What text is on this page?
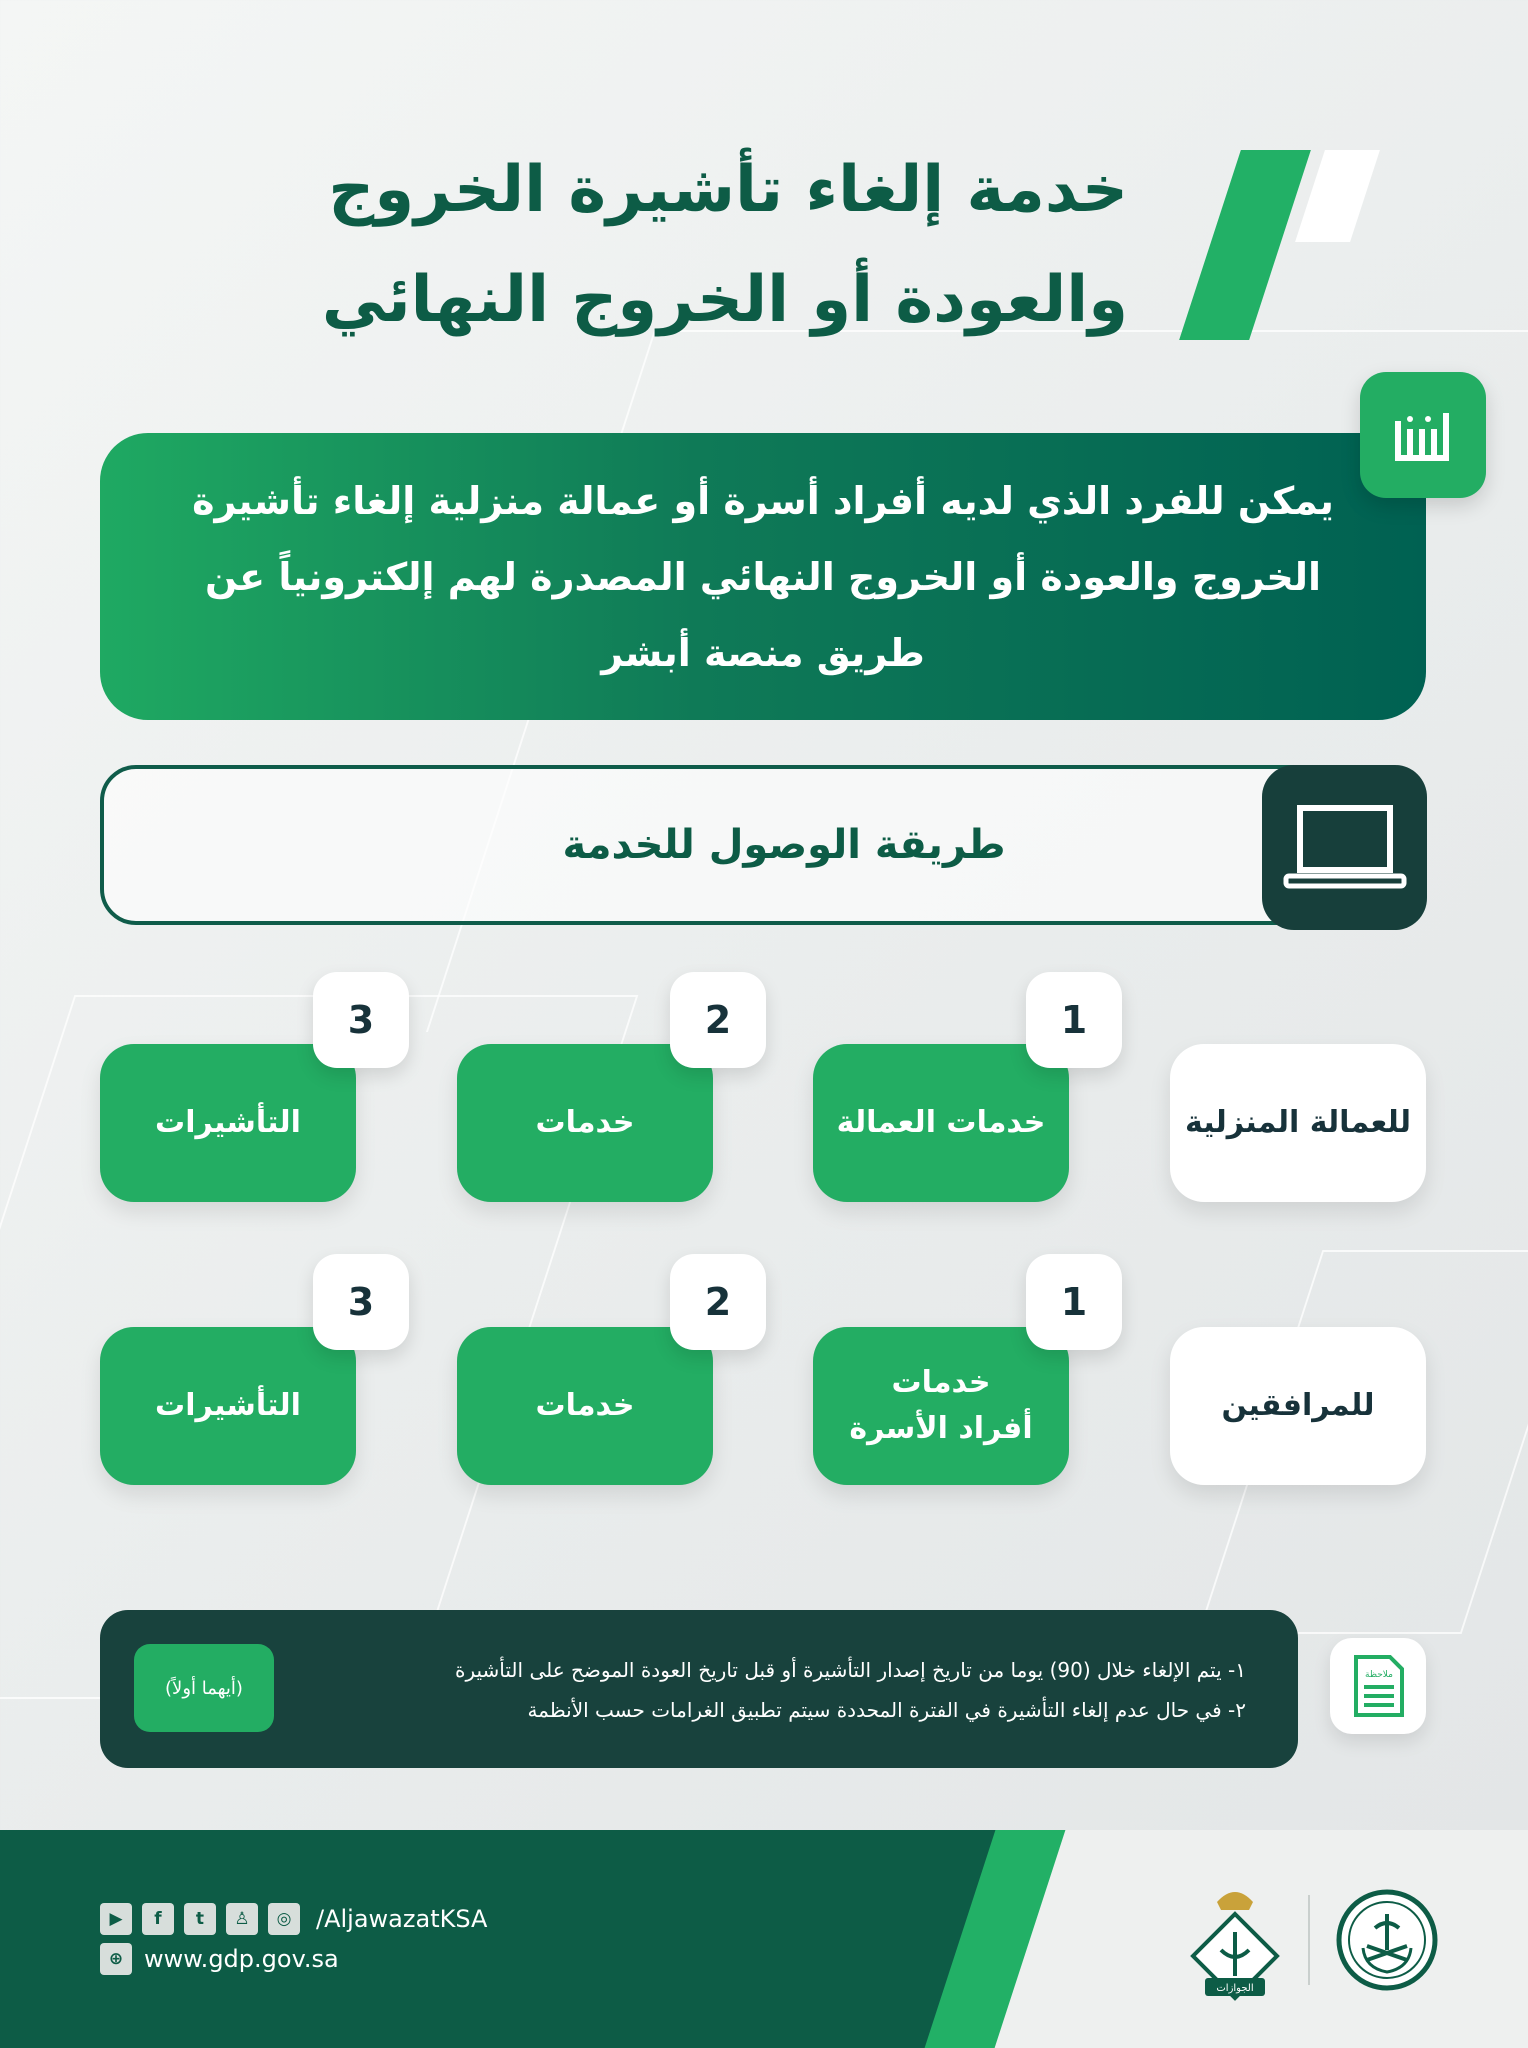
خدمة إلغاء تأشيرة الخروج
والعودة أو الخروج النهائي
يمكن للفرد الذي لديه أفراد أسرة أو عمالة منزلية إلغاء تأشيرة الخروج والعودة أو الخروج النهائي المصدرة لهم إلكترونياً عن طريق منصة أبشر
طريقة الوصول للخدمة
للعمالة المنزلية
خدمات العمالة
1
خدمات
2
التأشيرات
3
للمرافقين
خدمات
أفراد الأسرة
1
خدمات
2
التأشيرات
3
١- يتم الإلغاء خلال (90) يوما من تاريخ إصدار التأشيرة أو قبل تاريخ العودة الموضح على التأشيرة
٢- في حال عدم إلغاء التأشيرة في الفترة المحددة سيتم تطبيق الغرامات حسب الأنظمة
(أيهما أولاً)
ملاحظة
▶	f	t	♙	◎	/AljawazatKSA
⊕ www.gdp.gov.sa
الجوازات
